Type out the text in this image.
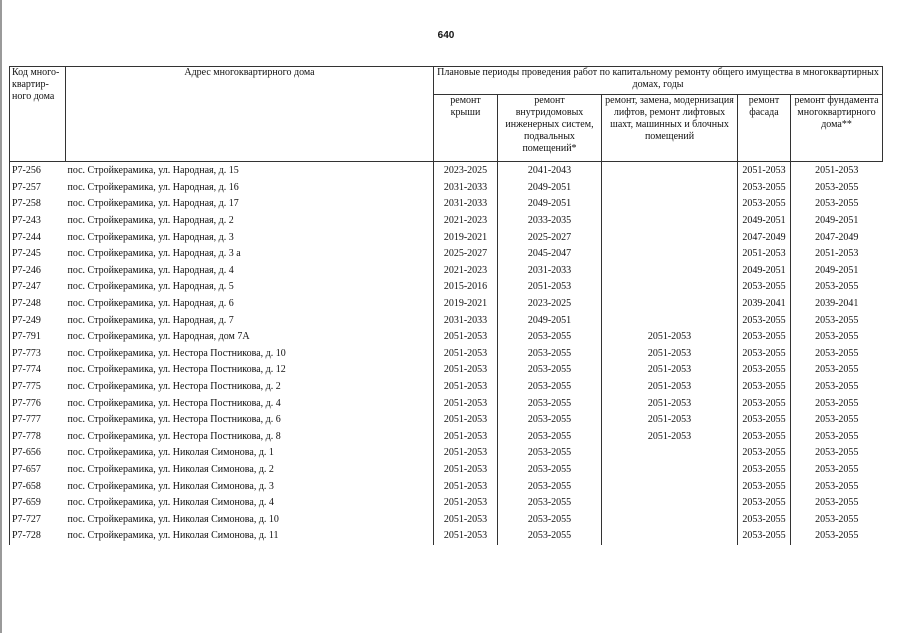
640
Код много-квартир-ного дома	Адрес многоквартирного дома	Плановые периоды проведения работ по капитальному ремонту общего имущества в многоквартирных домах, годы				
		ремонт крыши	ремонт внутридомовых инженерных систем, подвальных помещений*	ремонт, замена, модернизация лифтов, ремонт лифтовых шахт, машинных и блочных помещений	ремонт фасада	ремонт фундамента многоквартирного дома**
P7-256	пос. Стройкерамика, ул. Народная, д. 15	2023-2025	2041-2043		2051-2053	2051-2053
P7-257	пос. Стройкерамика, ул. Народная, д. 16	2031-2033	2049-2051		2053-2055	2053-2055
P7-258	пос. Стройкерамика, ул. Народная, д. 17	2031-2033	2049-2051		2053-2055	2053-2055
P7-243	пос. Стройкерамика, ул. Народная, д. 2	2021-2023	2033-2035		2049-2051	2049-2051
P7-244	пос. Стройкерамика, ул. Народная, д. 3	2019-2021	2025-2027		2047-2049	2047-2049
P7-245	пос. Стройкерамика, ул. Народная, д. 3 а	2025-2027	2045-2047		2051-2053	2051-2053
P7-246	пос. Стройкерамика, ул. Народная, д. 4	2021-2023	2031-2033		2049-2051	2049-2051
P7-247	пос. Стройкерамика, ул. Народная, д. 5	2015-2016	2051-2053		2053-2055	2053-2055
P7-248	пос. Стройкерамика, ул. Народная, д. 6	2019-2021	2023-2025		2039-2041	2039-2041
P7-249	пос. Стройкерамика, ул. Народная, д. 7	2031-2033	2049-2051		2053-2055	2053-2055
P7-791	пос. Стройкерамика, ул. Народная, дом 7А	2051-2053	2053-2055	2051-2053	2053-2055	2053-2055
P7-773	пос. Стройкерамика, ул. Нестора Постникова, д. 10	2051-2053	2053-2055	2051-2053	2053-2055	2053-2055
P7-774	пос. Стройкерамика, ул. Нестора Постникова, д. 12	2051-2053	2053-2055	2051-2053	2053-2055	2053-2055
P7-775	пос. Стройкерамика, ул. Нестора Постникова, д. 2	2051-2053	2053-2055	2051-2053	2053-2055	2053-2055
P7-776	пос. Стройкерамика, ул. Нестора Постникова, д. 4	2051-2053	2053-2055	2051-2053	2053-2055	2053-2055
P7-777	пос. Стройкерамика, ул. Нестора Постникова, д. 6	2051-2053	2053-2055	2051-2053	2053-2055	2053-2055
P7-778	пос. Стройкерамика, ул. Нестора Постникова, д. 8	2051-2053	2053-2055	2051-2053	2053-2055	2053-2055
P7-656	пос. Стройкерамика, ул. Николая Симонова, д. 1	2051-2053	2053-2055		2053-2055	2053-2055
P7-657	пос. Стройкерамика, ул. Николая Симонова, д. 2	2051-2053	2053-2055		2053-2055	2053-2055
P7-658	пос. Стройкерамика, ул. Николая Симонова, д. 3	2051-2053	2053-2055		2053-2055	2053-2055
P7-659	пос. Стройкерамика, ул. Николая Симонова, д. 4	2051-2053	2053-2055		2053-2055	2053-2055
P7-727	пос. Стройкерамика, ул. Николая Симонова, д. 10	2051-2053	2053-2055		2053-2055	2053-2055
P7-728	пос. Стройкерамика, ул. Николая Симонова, д. 11	2051-2053	2053-2055		2053-2055	2053-2055
